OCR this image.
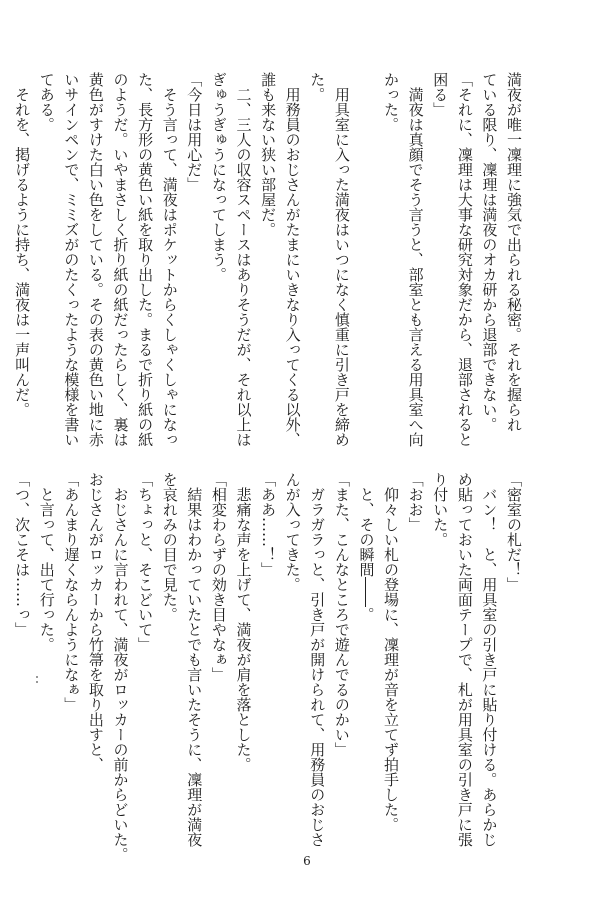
満夜が唯一凜理に強気で出られる秘密。それを握られ
ている限り、凜理は満夜のオカ研から退部できない。
「それに、凜理は大事な研究対象だから、退部されると
困る」
　満夜は真顔でそう言うと、部室とも言える用具室へ向
かった。

　用具室に入った満夜はいつになく慎重に引き戸を締め
た。
　用務員のおじさんがたまにいきなり入ってくる以外、
誰も来ない狭い部屋だ。
　二、三人の収容スペースはありそうだが、それ以上は
ぎゅうぎゅうになってしまう。
「今日は用心だ」
　そう言って、満夜はポケットからくしゃくしゃになっ
た、長方形の黄色い紙を取り出した。まるで折り紙の紙
のようだ。いやまさしく折り紙の紙だったらしく、裏は
黄色がすけた白い色をしている。その表の黄色い地に赤
いサインペンで、ミミズがのたくったような模様を書い
てある。
　それを、掲げるように持ち、満夜は一声叫んだ。
「密室の札だ！」
　バン！　と、用具室の引き戸に貼り付ける。あらかじ
め貼っておいた両面テープで、札が用具室の引き戸に張
り付いた。
「おお」
　仰々しい札の登場に、凜理が音を立てず拍手した。
　と、その瞬間――。
「また、こんなところで遊んでるのかい」
　ガラガラっと、引き戸が開けられて、用務員のおじさ
んが入ってきた。
「ああ……！」
　悲痛な声を上げて、満夜が肩を落とした。
「相変わらずの効き目やなぁ」
　結果はわかっていたとでも言いたそうに、凜理が満夜
を哀れみの目で見た。
「ちょっと、そこどいて」
　おじさんに言われて、満夜がロッカーの前からどいた。
おじさんがロッカーから竹箒を取り出すと、
「あんまり遅くならんようになぁ」
　と言って、出て行った。
「つ、次こそは……っ」
6
